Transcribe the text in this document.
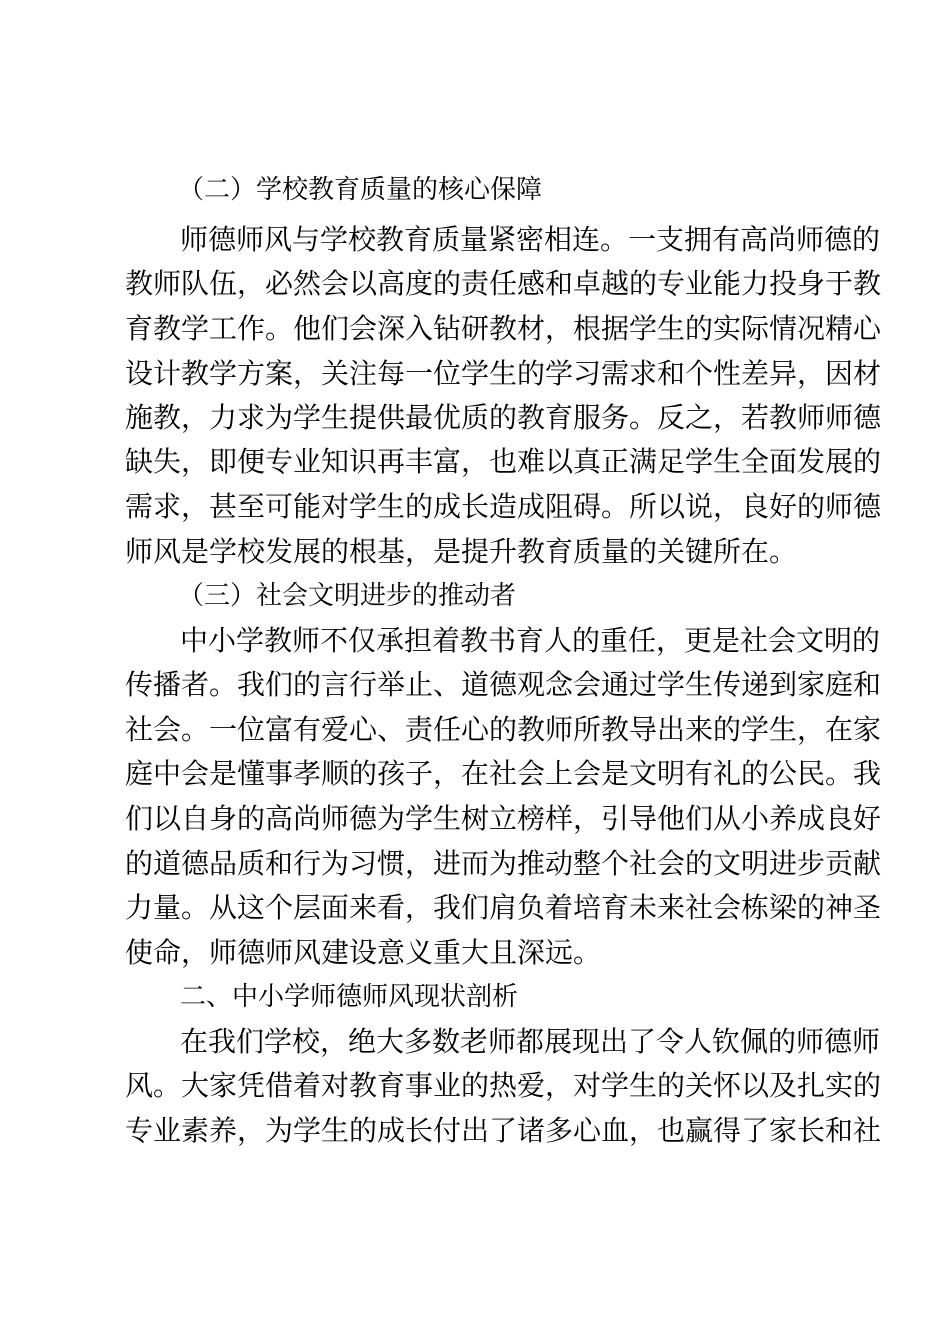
（二）学校教育质量的核心保障
师德师风与学校教育质量紧密相连。一支拥有高尚师德的
教师队伍，必然会以高度的责任感和卓越的专业能力投身于教
育教学工作。他们会深入钻研教材，根据学生的实际情况精心
设计教学方案，关注每一位学生的学习需求和个性差异，因材
施教，力求为学生提供最优质的教育服务。反之，若教师师德
缺失，即便专业知识再丰富，也难以真正满足学生全面发展的
需求，甚至可能对学生的成长造成阻碍。所以说，良好的师德
师风是学校发展的根基，是提升教育质量的关键所在。
（三）社会文明进步的推动者
中小学教师不仅承担着教书育人的重任，更是社会文明的
传播者。我们的言行举止、道德观念会通过学生传递到家庭和
社会。一位富有爱心、责任心的教师所教导出来的学生，在家
庭中会是懂事孝顺的孩子，在社会上会是文明有礼的公民。我
们以自身的高尚师德为学生树立榜样，引导他们从小养成良好
的道德品质和行为习惯，进而为推动整个社会的文明进步贡献
力量。从这个层面来看，我们肩负着培育未来社会栋梁的神圣
使命，师德师风建设意义重大且深远。
二、中小学师德师风现状剖析
在我们学校，绝大多数老师都展现出了令人钦佩的师德师
风。大家凭借着对教育事业的热爱，对学生的关怀以及扎实的
专业素养，为学生的成长付出了诸多心血，也赢得了家长和社
